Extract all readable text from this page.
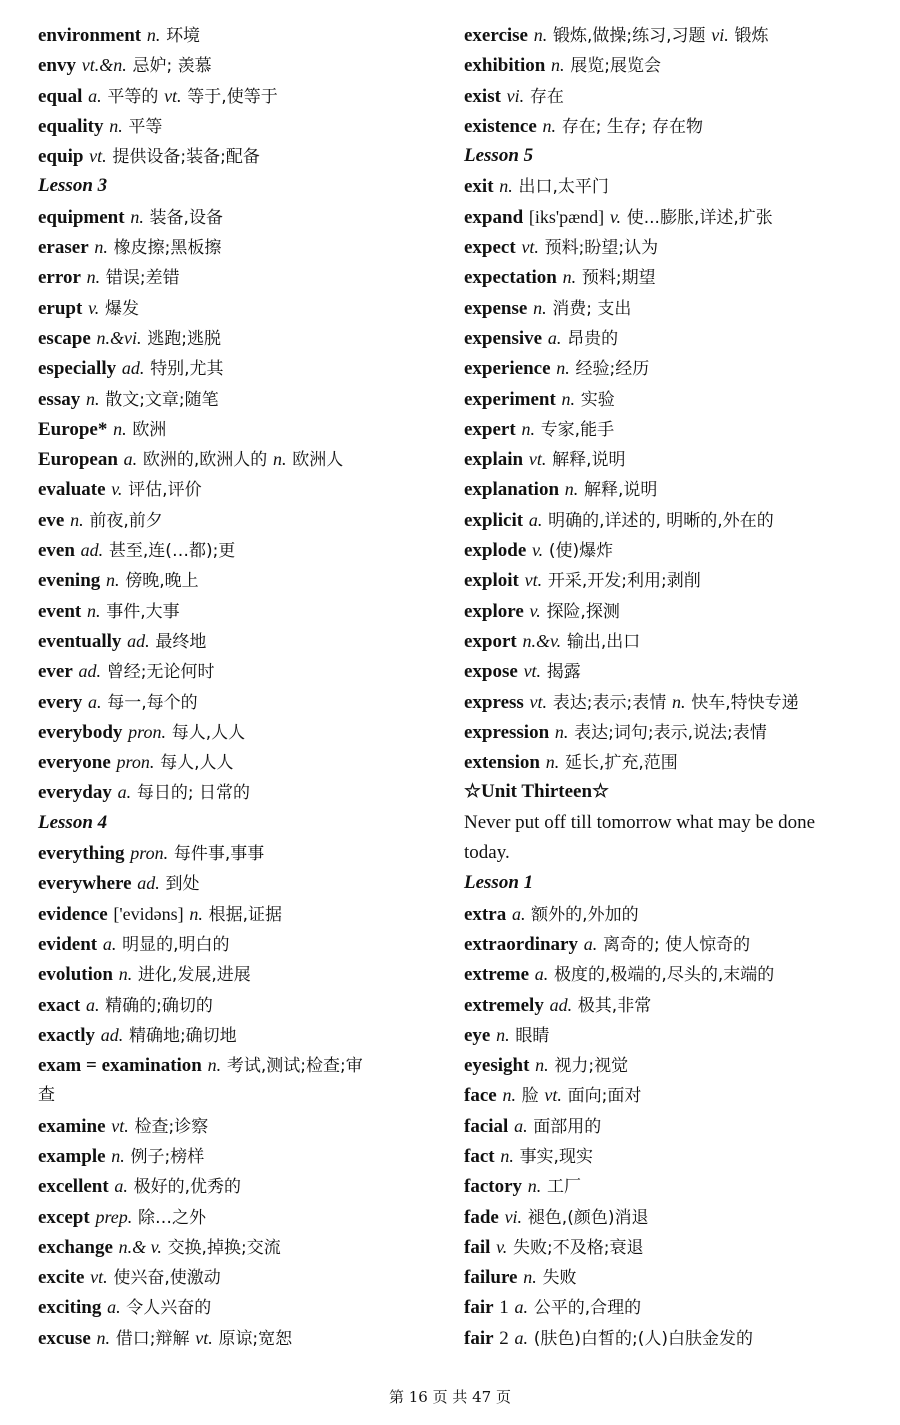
environment n. 环境
envy vt.&n. 忌妒; 羡慕
equal a. 平等的 vt. 等于,使等于
equality n. 平等
equip vt. 提供设备;装备;配备
Lesson 3
equipment n. 装备,设备
eraser n. 橡皮擦;黑板擦
error n. 错误;差错
erupt v. 爆发
escape n.&vi. 逃跑;逃脱
especially ad. 特别,尤其
essay n. 散文;文章;随笔
Europe* n. 欧洲
European a. 欧洲的,欧洲人的 n. 欧洲人
evaluate v. 评估,评价
eve n. 前夜,前夕
even ad. 甚至,连(…都);更
evening n. 傍晚,晚上
event n. 事件,大事
eventually ad. 最终地
ever ad. 曾经;无论何时
every a. 每一,每个的
everybody pron. 每人,人人
everyone pron. 每人,人人
everyday a. 每日的; 日常的
Lesson 4
everything pron. 每件事,事事
everywhere ad. 到处
evidence ['evidəns] n. 根据,证据
evident a. 明显的,明白的
evolution n. 进化,发展,进展
exact a. 精确的;确切的
exactly ad. 精确地;确切地
exam = examination n. 考试,测试;检查;审
查
examine vt. 检查;诊察
example n. 例子;榜样
excellent a. 极好的,优秀的
except prep. 除…之外
exchange n.& v. 交换,掉换;交流
excite vt. 使兴奋,使激动
exciting a. 令人兴奋的
excuse n. 借口;辩解 vt. 原谅;宽恕
exercise n. 锻炼,做操;练习,习题 vi. 锻炼
exhibition n. 展览;展览会
exist vi. 存在
existence n. 存在; 生存; 存在物
Lesson 5
exit n. 出口,太平门
expand [iks'pænd] v. 使...膨胀,详述,扩张
expect vt. 预料;盼望;认为
expectation n. 预料;期望
expense n. 消费; 支出
expensive a. 昂贵的
experience n. 经验;经历
experiment n. 实验
expert n. 专家,能手
explain vt. 解释,说明
explanation n. 解释,说明
explicit a. 明确的,详述的, 明晰的,外在的
explode v. (使)爆炸
exploit vt. 开采,开发;利用;剥削
explore v. 探险,探测
export n.&v. 输出,出口
expose vt. 揭露
express vt. 表达;表示;表情 n. 快车,特快专递
expression n. 表达;词句;表示,说法;表情
extension n. 延长,扩充,范围
☆Unit Thirteen☆
Never put off till tomorrow what may be done
today.
Lesson 1
extra a. 额外的,外加的
extraordinary a. 离奇的; 使人惊奇的
extreme a. 极度的,极端的,尽头的,末端的
extremely ad. 极其,非常
eye n. 眼睛
eyesight n. 视力;视觉
face n. 脸 vt. 面向;面对
facial a. 面部用的
fact n. 事实,现实
factory n. 工厂
fade vi. 褪色,(颜色)消退
fail v. 失败;不及格;衰退
failure n. 失败
fair 1 a. 公平的,合理的
fair 2 a. (肤色)白皙的;(人)白肤金发的
第 16 页 共 47 页
